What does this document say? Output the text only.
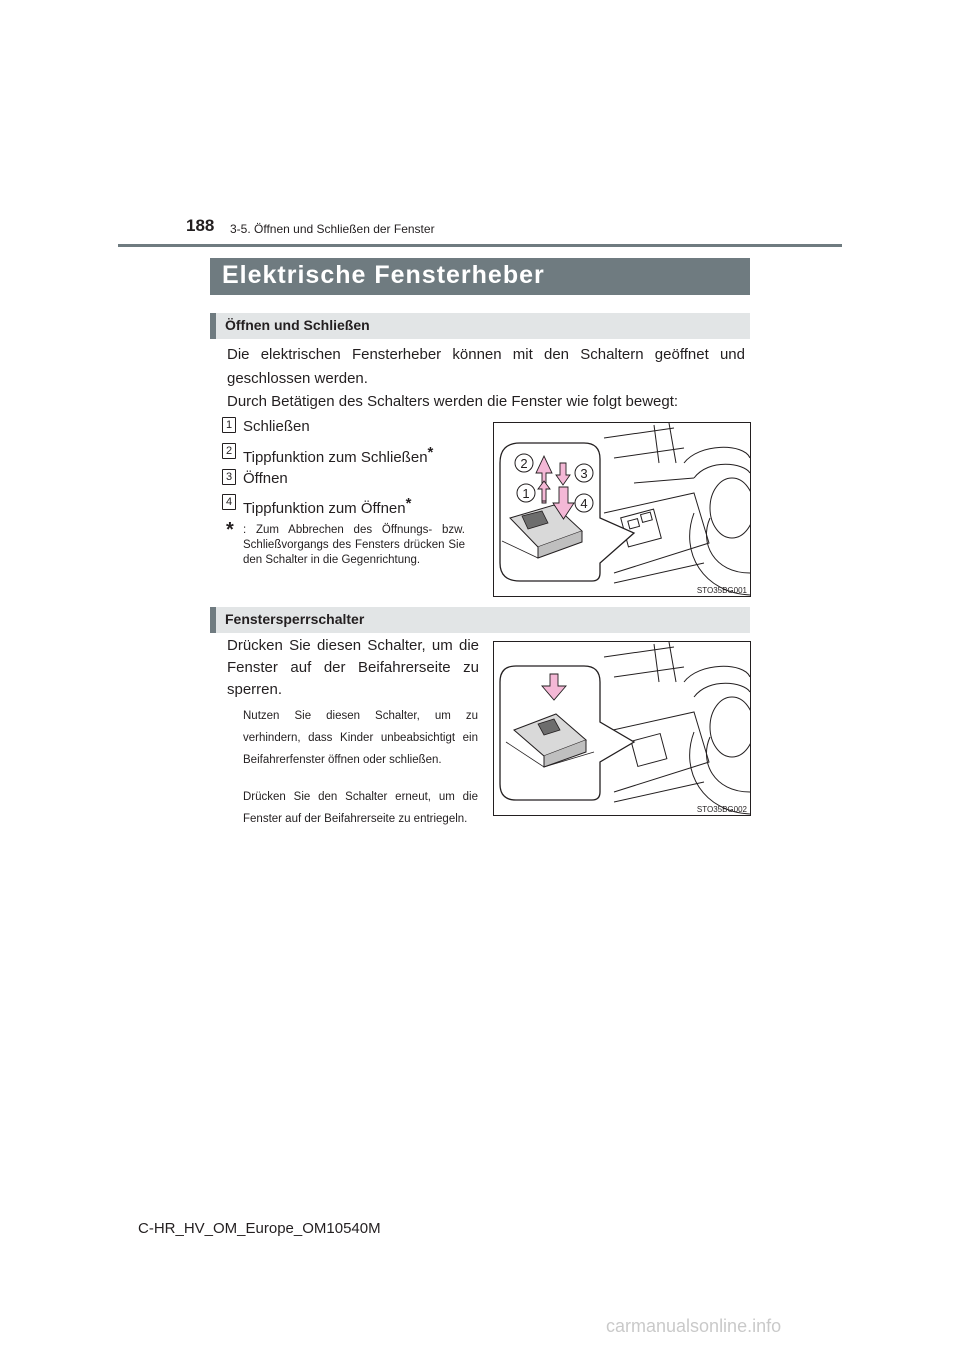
188 3-5. Öffnen und Schließen der Fenster
Elektrische Fensterheber
Öffnen und Schließen
Die elektrischen Fensterheber können mit den Schaltern geöffnet und geschlossen werden.
Durch Betätigen des Schalters werden die Fenster wie folgt bewegt:
1 Schließen
2 Tippfunktion zum Schließen*
3 Öffnen
4 Tippfunktion zum Öffnen*
* : Zum Abbrechen des Öffnungs- bzw. Schließvorgangs des Fensters drücken Sie den Schalter in die Gegenrichtung.
2
3
1
4
STO35BG001
Fenstersperrschalter
Drücken Sie diesen Schalter, um die Fenster auf der Beifahrerseite zu sperren.
Nutzen Sie diesen Schalter, um zu verhindern, dass Kinder unbeabsichtigt ein Beifahrerfenster öffnen oder schließen.
Drücken Sie den Schalter erneut, um die Fenster auf der Beifahrerseite zu entriegeln.
STO35BG002
C-HR_HV_OM_Europe_OM10540M
carmanualsonline.info
